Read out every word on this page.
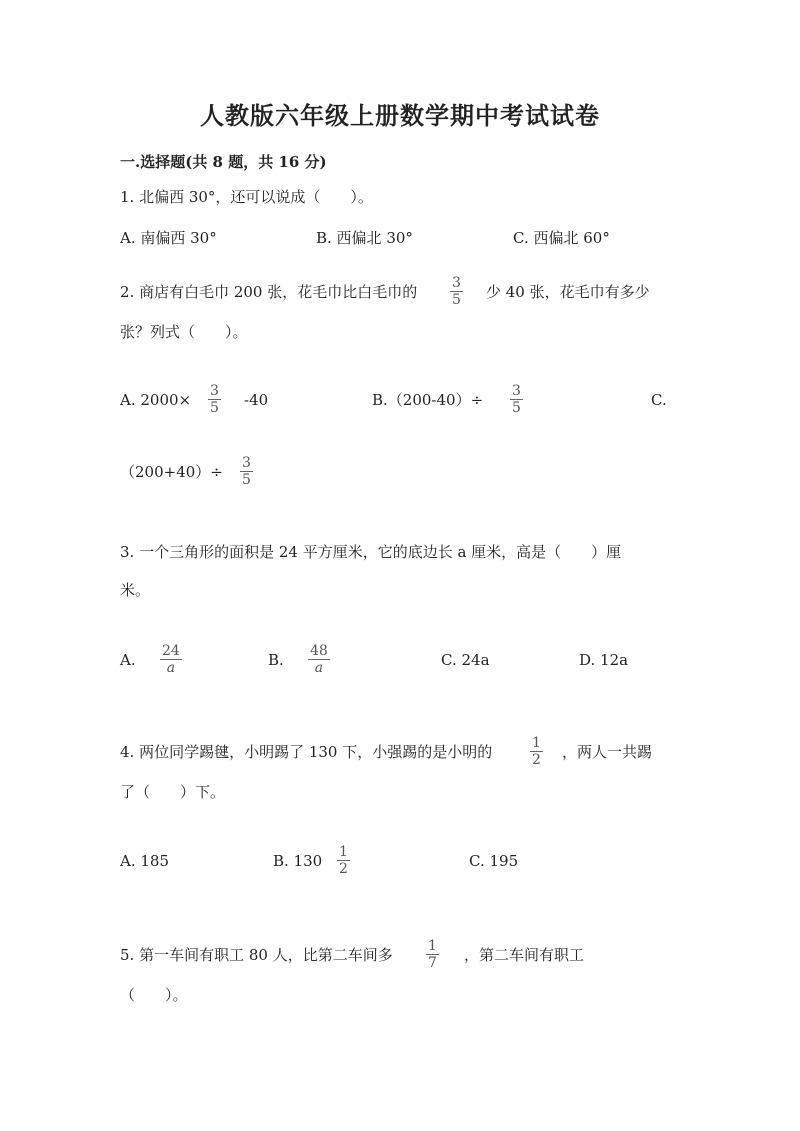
人教版六年级上册数学期中考试试卷
一.选择题(共 8 题，共 16 分)
1. 北偏西 30°，还可以说成（　　）。
A. 南偏西 30°	B. 西偏北 30°	C. 西偏北 60°
2. 商店有白毛巾 200 张，花毛巾比白毛巾的 3
5 少 40 张，花毛巾有多少
张？列式（　　）。
A. 2000× 3
5 -40	B.（200-40）÷ 3
5	C.
（200+40）÷ 3
5
3. 一个三角形的面积是 24 平方厘米，它的底边长 a 厘米，高是（　　）厘
米。
A. 24
a	B. 48
a	C. 24a	D. 12a
4. 两位同学踢毽，小明踢了 130 下，小强踢的是小明的	1
2 ，两人一共踢
了（　　）下。
A. 185	B. 130 1
2	C. 195
5. 第一车间有职工 80 人，比第二车间多	1
7 ，第二车间有职工
（　　）。
